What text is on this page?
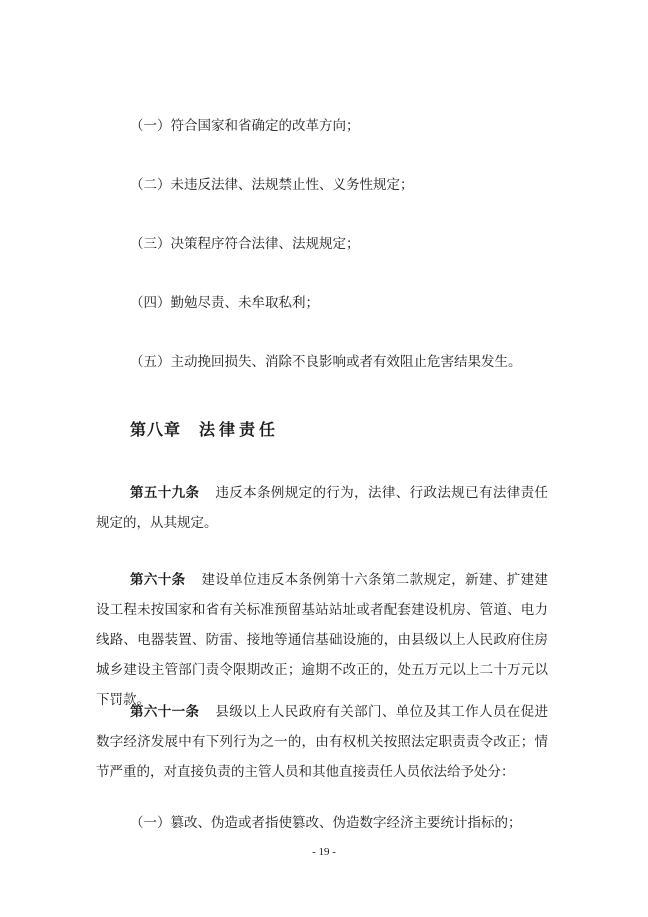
（一）符合国家和省确定的改革方向；
（二）未违反法律、法规禁止性、义务性规定；
（三）决策程序符合法律、法规规定；
（四）勤勉尽责、未牟取私利；
（五）主动挽回损失、消除不良影响或者有效阻止危害结果发生。
第八章 法律责任
第五十九条 违反本条例规定的行为，法律、行政法规已有法律责任规定的，从其规定。
第六十条 建设单位违反本条例第十六条第二款规定，新建、扩建建设工程未按国家和省有关标准预留基站站址或者配套建设机房、管道、电力线路、电器装置、防雷、接地等通信基础设施的，由县级以上人民政府住房城乡建设主管部门责令限期改正；逾期不改正的，处五万元以上二十万元以下罚款。
第六十一条 县级以上人民政府有关部门、单位及其工作人员在促进数字经济发展中有下列行为之一的，由有权机关按照法定职责责令改正；情节严重的，对直接负责的主管人员和其他直接责任人员依法给予处分：
（一）篡改、伪造或者指使篡改、伪造数字经济主要统计指标的；
- 19 -
